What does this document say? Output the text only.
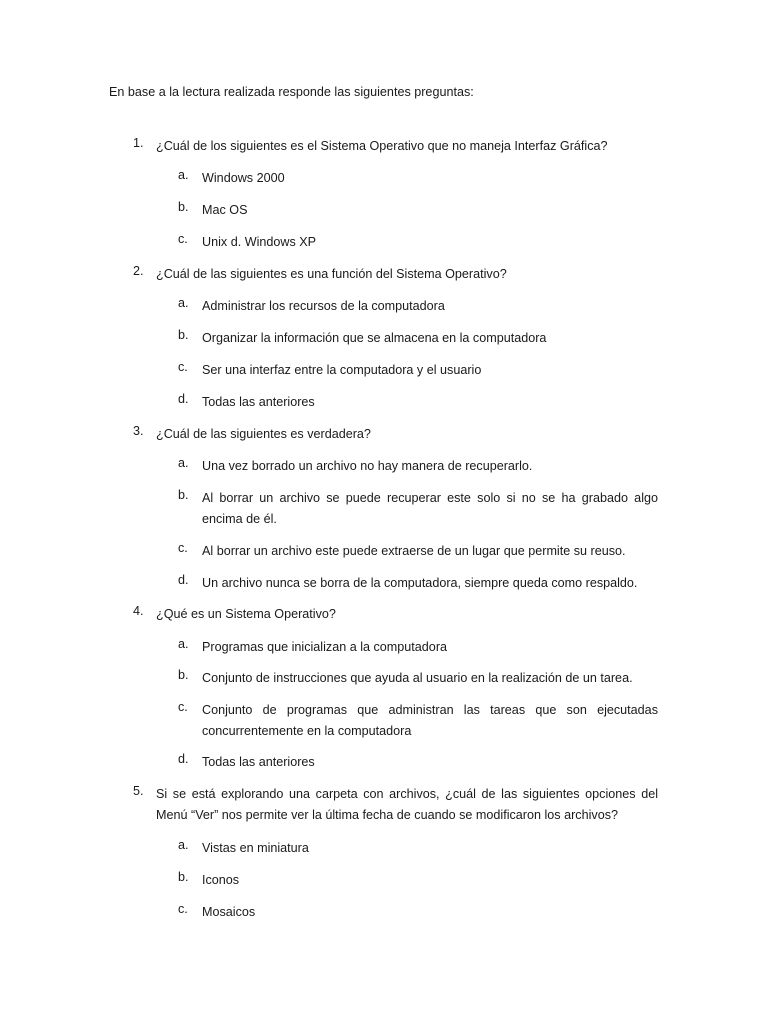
En base a la lectura realizada responde las siguientes preguntas:
1. ¿Cuál de los siguientes es el Sistema Operativo que no maneja Interfaz Gráfica?
a. Windows 2000
b. Mac OS
c. Unix d. Windows XP
2. ¿Cuál de las siguientes es una función del Sistema Operativo?
a. Administrar los recursos de la computadora
b. Organizar la información que se almacena en la computadora
c. Ser una interfaz entre la computadora y el usuario
d. Todas las anteriores
3. ¿Cuál de las siguientes es verdadera?
a. Una vez borrado un archivo no hay manera de recuperarlo.
b. Al borrar un archivo se puede recuperar este solo si no se ha grabado algo encima de él.
c. Al borrar un archivo este puede extraerse de un lugar que permite su reuso.
d. Un archivo nunca se borra de la computadora, siempre queda como respaldo.
4. ¿Qué es un Sistema Operativo?
a. Programas que inicializan a la computadora
b. Conjunto de instrucciones que ayuda al usuario en la realización de un tarea.
c. Conjunto de programas que administran las tareas que son ejecutadas concurrentemente en la computadora
d. Todas las anteriores
5. Si se está explorando una carpeta con archivos, ¿cuál de las siguientes opciones del Menú “Ver” nos permite ver la última fecha de cuando se modificaron los archivos?
a. Vistas en miniatura
b. Iconos
c. Mosaicos
